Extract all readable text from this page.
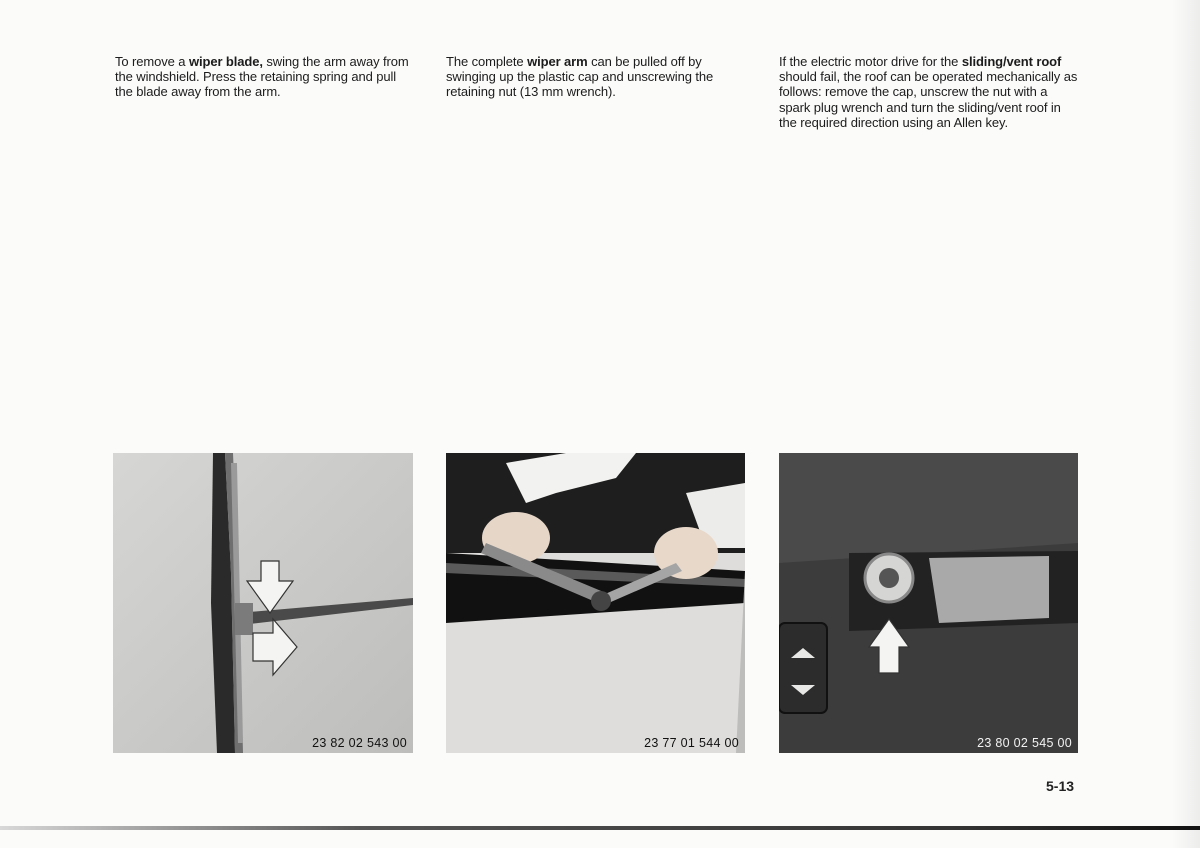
To remove a wiper blade, swing the arm away from the windshield. Press the retaining spring and pull the blade away from the arm.

The complete wiper arm can be pulled off by swinging up the plastic cap and unscrewing the retaining nut (13 mm wrench).

If the electric motor drive for the sliding/vent roof should fail, the roof can be operated mechanically as follows: remove the cap, unscrew the nut with a spark plug wrench and turn the sliding/vent roof in the required direction using an Allen key.

23 82 02 543 00	23 77 01 544 00	23 80 02 545 00
5-13
